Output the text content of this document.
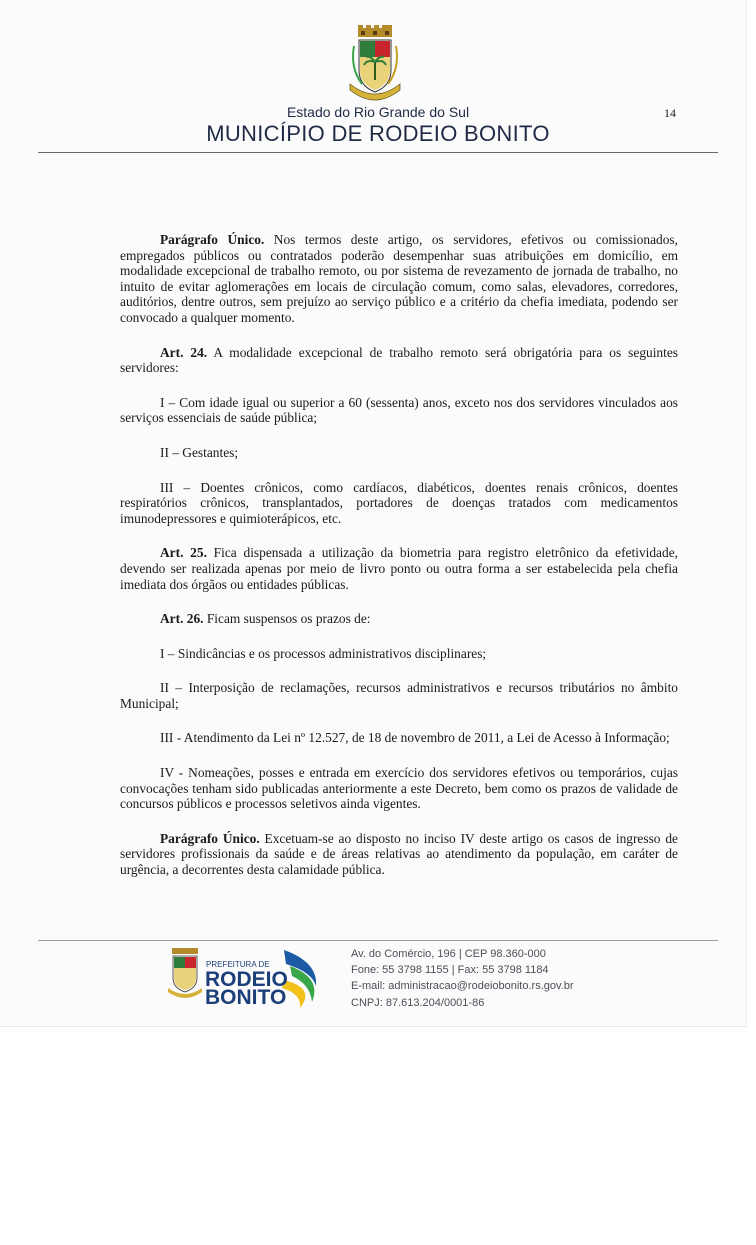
Estado do Rio Grande do Sul
MUNICÍPIO DE RODEIO BONITO
14

Parágrafo Único. Nos termos deste artigo, os servidores, efetivos ou comissionados, empregados públicos ou contratados poderão desempenhar suas atribuições em domicílio, em modalidade excepcional de trabalho remoto, ou por sistema de revezamento de jornada de trabalho, no intuito de evitar aglomerações em locais de circulação comum, como salas, elevadores, corredores, auditórios, dentre outros, sem prejuízo ao serviço público e a critério da chefia imediata, podendo ser convocado a qualquer momento.

Art. 24. A modalidade excepcional de trabalho remoto será obrigatória para os seguintes servidores:

I – Com idade igual ou superior a 60 (sessenta) anos, exceto nos dos servidores vinculados aos serviços essenciais de saúde pública;

II – Gestantes;

III – Doentes crônicos, como cardíacos, diabéticos, doentes renais crônicos, doentes respiratórios crônicos, transplantados, portadores de doenças tratados com medicamentos imunodepressores e quimioterápicos, etc.

Art. 25. Fica dispensada a utilização da biometria para registro eletrônico da efetividade, devendo ser realizada apenas por meio de livro ponto ou outra forma a ser estabelecida pela chefia imediata dos órgãos ou entidades públicas.

Art. 26. Ficam suspensos os prazos de:

I – Sindicâncias e os processos administrativos disciplinares;

II – Interposição de reclamações, recursos administrativos e recursos tributários no âmbito Municipal;

III - Atendimento da Lei nº 12.527, de 18 de novembro de 2011, a Lei de Acesso à Informação;

IV - Nomeações, posses e entrada em exercício dos servidores efetivos ou temporários, cujas convocações tenham sido publicadas anteriormente a este Decreto, bem como os prazos de validade de concursos públicos e processos seletivos ainda vigentes.

Parágrafo Único. Excetuam-se ao disposto no inciso IV deste artigo os casos de ingresso de servidores profissionais da saúde e de áreas relativas ao atendimento da população, em caráter de urgência, a decorrentes desta calamidade pública.

PREFEITURA DE
RODEIO
BONITO
Av. do Comércio, 196 | CEP 98.360-000
Fone: 55 3798 1155 | Fax: 55 3798 1184
E-mail: administracao@rodeiobonito.rs.gov.br
CNPJ: 87.613.204/0001-86
